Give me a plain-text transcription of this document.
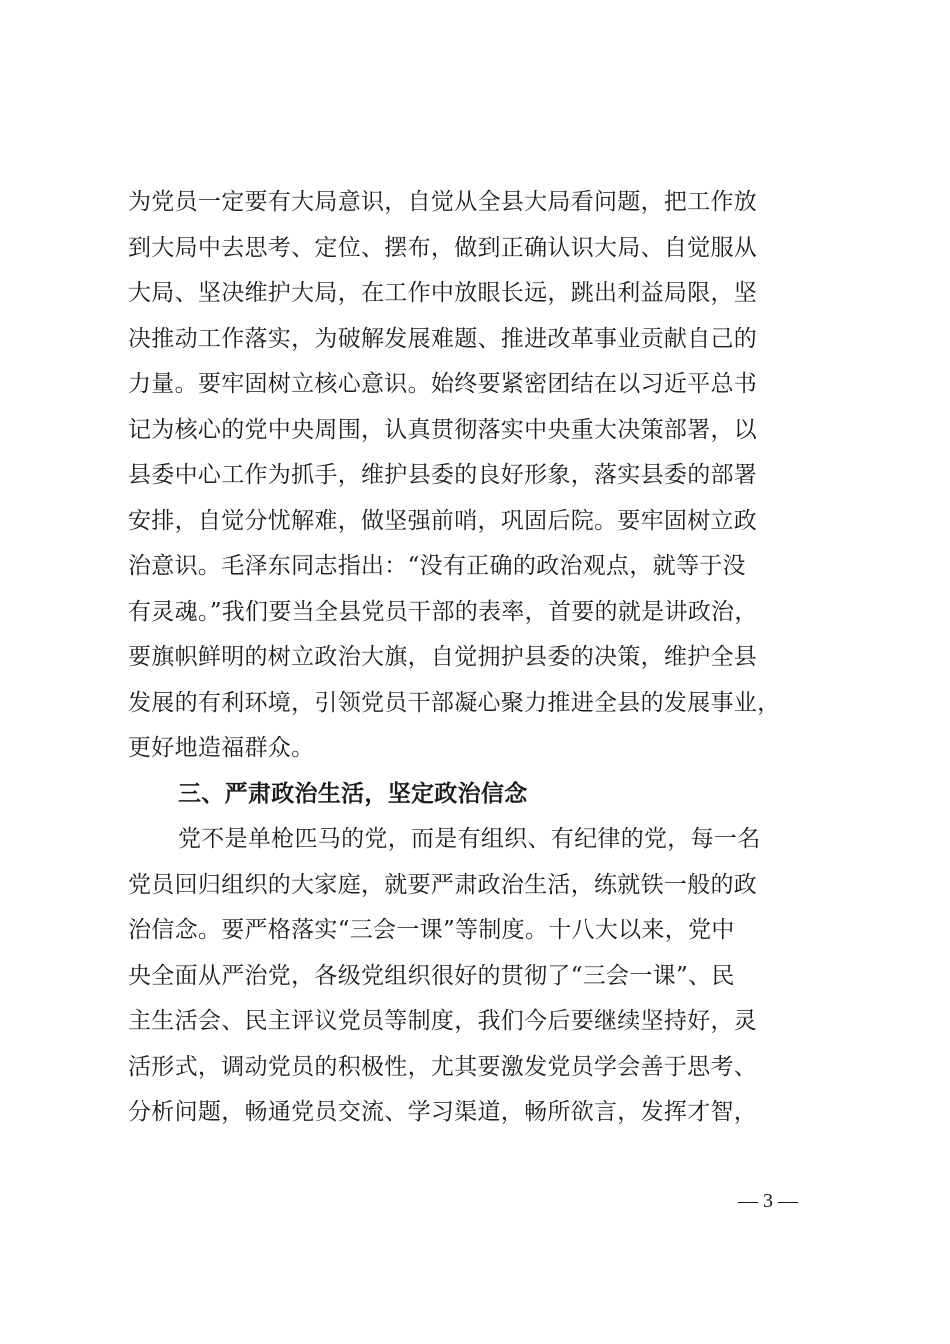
为党员一定要有大局意识，自觉从全县大局看问题，把工作放
到大局中去思考、定位、摆布，做到正确认识大局、自觉服从
大局、坚决维护大局，在工作中放眼长远，跳出利益局限，坚
决推动工作落实，为破解发展难题、推进改革事业贡献自己的
力量。要牢固树立核心意识。始终要紧密团结在以习近平总书
记为核心的党中央周围，认真贯彻落实中央重大决策部署，以
县委中心工作为抓手，维护县委的良好形象，落实县委的部署
安排，自觉分忧解难，做坚强前哨，巩固后院。要牢固树立政
治意识。毛泽东同志指出：“没有正确的政治观点，就等于没
有灵魂。”我们要当全县党员干部的表率，首要的就是讲政治，
要旗帜鲜明的树立政治大旗，自觉拥护县委的决策，维护全县
发展的有利环境，引领党员干部凝心聚力推进全县的发展事业，
更好地造福群众。
三、严肃政治生活，坚定政治信念
党不是单枪匹马的党，而是有组织、有纪律的党，每一名
党员回归组织的大家庭，就要严肃政治生活，练就铁一般的政
治信念。要严格落实“三会一课”等制度。十八大以来，党中
央全面从严治党，各级党组织很好的贯彻了“三会一课”、民
主生活会、民主评议党员等制度，我们今后要继续坚持好，灵
活形式，调动党员的积极性，尤其要激发党员学会善于思考、
分析问题，畅通党员交流、学习渠道，畅所欲言，发挥才智，
— 3 —
